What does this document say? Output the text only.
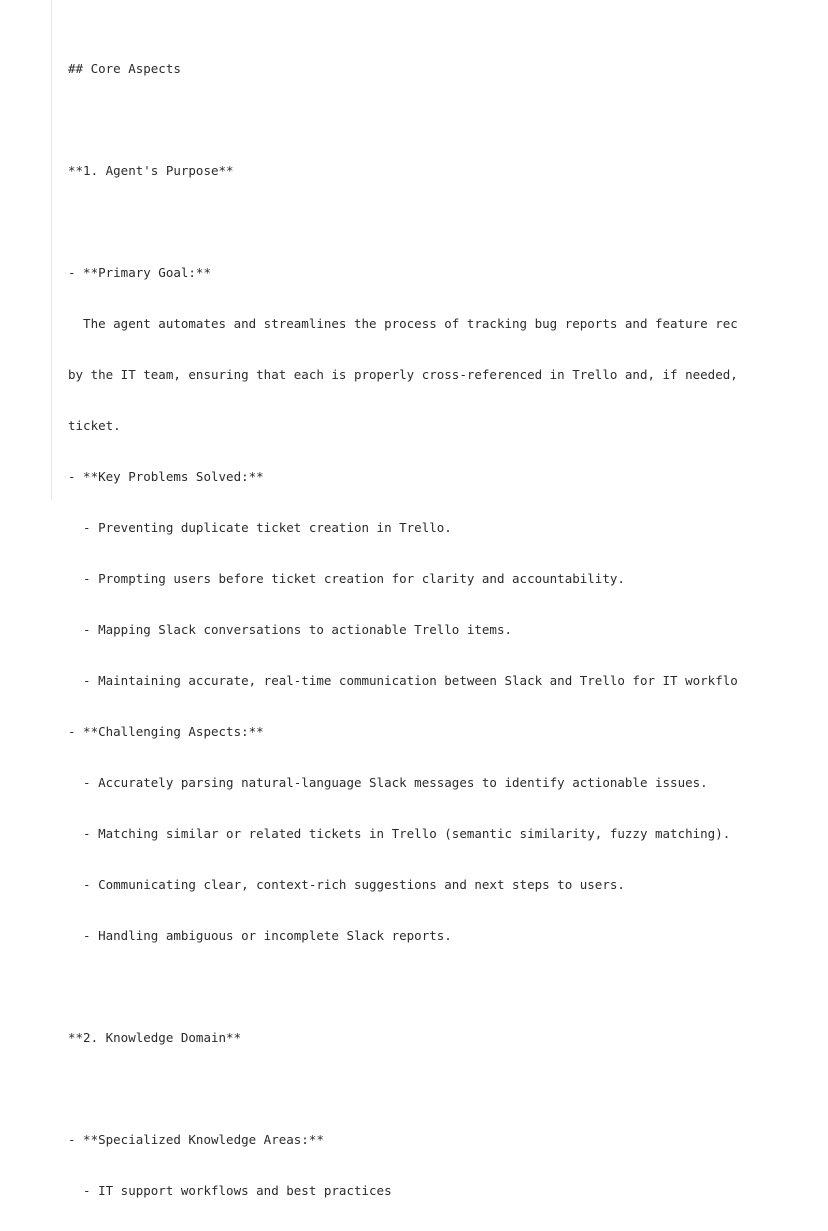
## Core Aspects

**1. Agent's Purpose**

- **Primary Goal:**

The agent automates and streamlines the process of tracking bug reports and feature rec

by the IT team, ensuring that each is properly cross-referenced in Trello and, if needed,

ticket.

- **Key Problems Solved:**

- Preventing duplicate ticket creation in Trello.

- Prompting users before ticket creation for clarity and accountability.

- Mapping Slack conversations to actionable Trello items.

- Maintaining accurate, real-time communication between Slack and Trello for IT workflo

- **Challenging Aspects:**

- Accurately parsing natural-language Slack messages to identify actionable issues.

- Matching similar or related tickets in Trello (semantic similarity, fuzzy matching).

- Communicating clear, context-rich suggestions and next steps to users.

- Handling ambiguous or incomplete Slack reports.

**2. Knowledge Domain**

- **Specialized Knowledge Areas:**

- IT support workflows and best practices
